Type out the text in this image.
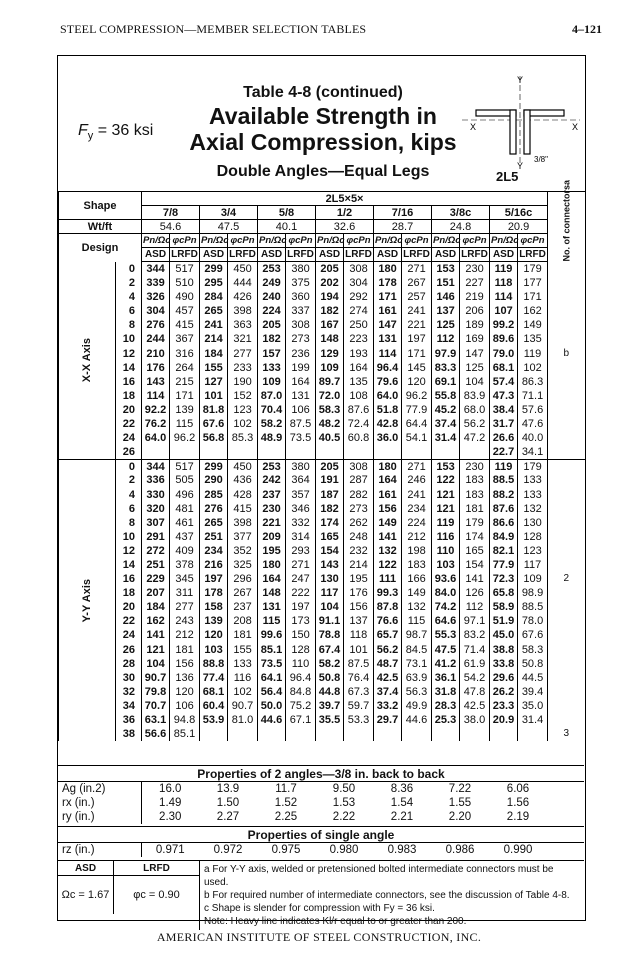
STEEL COMPRESSION—MEMBER SELECTION TABLES	4–121
$F_y = 36$ ksi
Table 4-8 (continued)
Available Strength in
Axial Compression, kips
Double Angles—Equal Legs
X	X
Y
Y
3/8"
2L5
Shape		2L5×5×														No. of connectorsa
		7/8		3/4		5/8		1/2		7/16		3/8c		5/16c		
Wt/ft		54.6		47.5		40.1		32.6		28.7		24.8		20.9		
Design		Pn/Ωc	φcPn	Pn/Ωc	φcPn	Pn/Ωc	φcPn	Pn/Ωc	φcPn	Pn/Ωc	φcPn	Pn/Ωc	φcPn	Pn/Ωc	φcPn	
		ASD	LRFD	ASD	LRFD	ASD	LRFD	ASD	LRFD	ASD	LRFD	ASD	LRFD	ASD	LRFD	

X-X Axis	0	344	517	299	450	253	380	205	308	180	271	153	230	119	179	
	2	339	510	295	444	249	375	202	304	178	267	151	227	118	177	
	4	326	490	284	426	240	360	194	292	171	257	146	219	114	171	
	6	304	457	265	398	224	337	182	274	161	241	137	206	107	162	
	8	276	415	241	363	205	308	167	250	147	221	125	189	99.2	149	
	10	244	367	214	321	182	273	148	223	131	197	112	169	89.6	135	
	12	210	316	184	277	157	236	129	193	114	171	97.9	147	79.0	119	b
	14	176	264	155	233	133	199	109	164	96.4	145	83.3	125	68.1	102	
	16	143	215	127	190	109	164	89.7	135	79.6	120	69.1	104	57.4	86.3	
	18	114	171	101	152	87.0	131	72.0	108	64.0	96.2	55.8	83.9	47.3	71.1	
	20	92.2	139	81.8	123	70.4	106	58.3	87.6	51.8	77.9	45.2	68.0	38.4	57.6	
	22	76.2	115	67.6	102	58.2	87.5	48.2	72.4	42.8	64.4	37.4	56.2	31.7	47.6	
	24	64.0	96.2	56.8	85.3	48.9	73.5	40.5	60.8	36.0	54.1	31.4	47.2	26.6	40.0	
	26													22.7	34.1	

Y-Y Axis	0	344	517	299	450	253	380	205	308	180	271	153	230	119	179	
	2	336	505	290	436	242	364	191	287	164	246	122	183	88.5	133	
	4	330	496	285	428	237	357	187	282	161	241	121	183	88.2	133	
	6	320	481	276	415	230	346	182	273	156	234	121	181	87.6	132	
	8	307	461	265	398	221	332	174	262	149	224	119	179	86.6	130	
	10	291	437	251	377	209	314	165	248	141	212	116	174	84.9	128	
	12	272	409	234	352	195	293	154	232	132	198	110	165	82.1	123	
	14	251	378	216	325	180	271	143	214	122	183	103	154	77.9	117	
	16	229	345	197	296	164	247	130	195	111	166	93.6	141	72.3	109	2
	18	207	311	178	267	148	222	117	176	99.3	149	84.0	126	65.8	98.9	
	20	184	277	158	237	131	197	104	156	87.8	132	74.2	112	58.9	88.5	
	22	162	243	139	208	115	173	91.1	137	76.6	115	64.6	97.1	51.9	78.0	
	24	141	212	120	181	99.6	150	78.8	118	65.7	98.7	55.3	83.2	45.0	67.6	
	26	121	181	103	155	85.1	128	67.4	101	56.2	84.5	47.5	71.4	38.8	58.3	
	28	104	156	88.8	133	73.5	110	58.2	87.5	48.7	73.1	41.2	61.9	33.8	50.8	
	30	90.7	136	77.4	116	64.1	96.4	50.8	76.4	42.5	63.9	36.1	54.2	29.6	44.5	
	32	79.8	120	68.1	102	56.4	84.8	44.8	67.3	37.4	56.3	31.8	47.8	26.2	39.4	
	34	70.7	106	60.4	90.7	50.0	75.2	39.7	59.7	33.2	49.9	28.3	42.5	23.3	35.0	
	36	63.1	94.8	53.9	81.0	44.6	67.1	35.5	53.3	29.7	44.6	25.3	38.0	20.9	31.4	
	38	56.6	85.1													3
Properties of 2 angles—3/8 in. back to back
Ag (in.2)	16.0	13.9	11.7	9.50	8.36	7.22	6.06	
rx (in.)	1.49	1.50	1.52	1.53	1.54	1.55	1.56	
ry (in.)	2.30	2.27	2.25	2.22	2.21	2.20	2.19	
Properties of single angle
rz (in.)	0.971	0.972	0.975	0.980	0.983	0.986	0.990	
ASD	LRFD
Ωc = 1.67	φc = 0.90
a For Y-Y axis, welded or pretensioned bolted intermediate connectors must be used.
b For required number of intermediate connectors, see the discussion of Table 4-8.
c Shape is slender for compression with Fy = 36 ksi.
Note: Heavy line indicates Kl/r equal to or greater than 200.
AMERICAN INSTITUTE OF STEEL CONSTRUCTION, INC.
